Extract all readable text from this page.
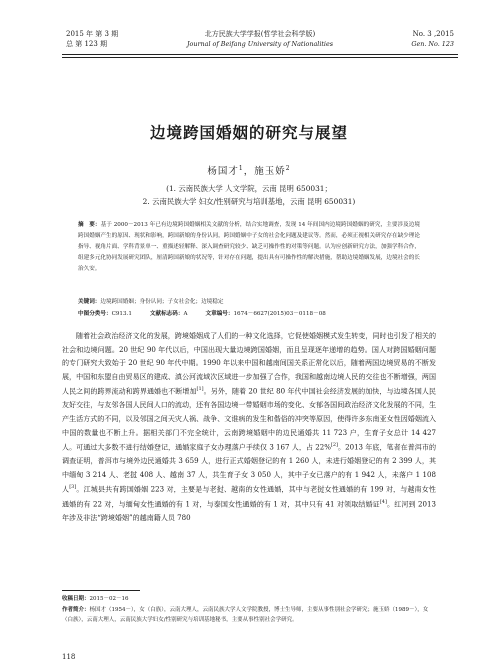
2015 年 第 3 期
总 第 123 期
北方民族大学学报(哲学社会科学版)
Journal of Beifang University of Nationalities
No. 3 ,2015
Gen. No. 123
边境跨国婚姻的研究与展望
杨国才$^1$，施玉娇$^2$
(1. 云南民族大学 人文学院，云南 昆明 650031；
2. 云南民族大学 妇女/性别研究与培训基地，云南 昆明 650031)
摘　要：基于 2000－2013 年已有边境跨国婚姻相关文献的分析，结合实地调查，发现 14 年间国内边境跨国婚姻的研究，主要涉及边境跨国婚姻产生的原因、现状和影响，跨国新娘的身份认同，跨国婚姻中子女的社会化问题及建议等。然而，必须正视相关研究存在缺少理论指导、视角片面、学科背景单一、重描述轻解释、深入调查研究较少、缺乏可操作性的对策等问题。认为应创新研究方法，加强学科合作，组建多元化协同发展研究团队，厘清跨国新娘的状况等，针对存在问题，提出具有可操作性的解决措施，帮助边境婚姻发展，边境社会的长治久安。
关键词：边境跨国婚姻；身份认同；子女社会化；边境稳定
中图分类号：C913.1	文献标志码：A	文章编号：1674－6627(2015)03－0118－08
随着社会政治经济文化的发展，跨境婚姻成了人们的一种文化选择，它促使婚姻模式发生转变，同时也引发了相关的社会和边境问题。20 世纪 90 年代以后，中国出现大量边境跨国婚姻，而且呈现逐年递增的趋势。国人对跨国婚姻问题的专门研究大致始于 20 世纪 90 年代中期。1990 年以来中国和越南间国关系正常化以后，随着两国边境贸易的不断发展，中国和东盟自由贸易区的建成、滇公河流域次区域进一步加强了合作，我国和越南边境人民的交往也不断增强，两国人民之间的跨界流动和跨界通婚也不断增加[1]。另外，随着 20 世纪 80 年代中国社会经济发展的加快，与边境各国人民友好交往，与友邻各国人民间人口的流动，还有各国边境一带婚姻市场的变化、女郁各国间政治经济文化发展的不同，生产生活方式的不同，以及邻国之间天灾人祸、战争、文谁病的发生和偕俗的冲突等原因，使得许多东南亚女性因婚姻流入中国的数量也不断上升。据相关部门不完全统计，云南跨境婚姻中的边民通婚共 11 723 户，生育子女总计 14 427 人。可通过大多数不进行结婚登记，通婚家庭子女办理落户手续仅 3 167 人，占 22%[2]。2013 年底，笔者在普洱市的调查证明，普洱市与境外边民通婚共 3 659 人，进行正式婚姻登记的有 1 260 人，未进行婚姻登记的有 2 399 人，其中缅甸 3 214 人、老挝 408 人、越南 37 人，共生育子女 3 050 人，其中子女已落户的有 1 942 人，未落户 1 108 人[3]。江城县共有跨国婚姻 223 对，主要是与老挝、越南的女性通婚，其中与老挝女性通婚的有 199 对，与越南女性通婚的有 22 对，与缅甸女性通婚的有 1 对，与泰国女性通婚的有 1 对，其中只有 41 对领取结婚证[4]。红河到 2013 年涉及非法“跨境婚姻”的越南籍人员 780
收稿日期：2015－02－16
作者简介：杨国才（1954－），女（白族），云南大理人，云南民族大学人文学院教授，博士生导师，主要从事性别社会学研究；施玉娇（1989－），女（白族），云南大理人，云南民族大学妇女/性别研究与培训基地秘书，主要从事性别社会学研究。
118
